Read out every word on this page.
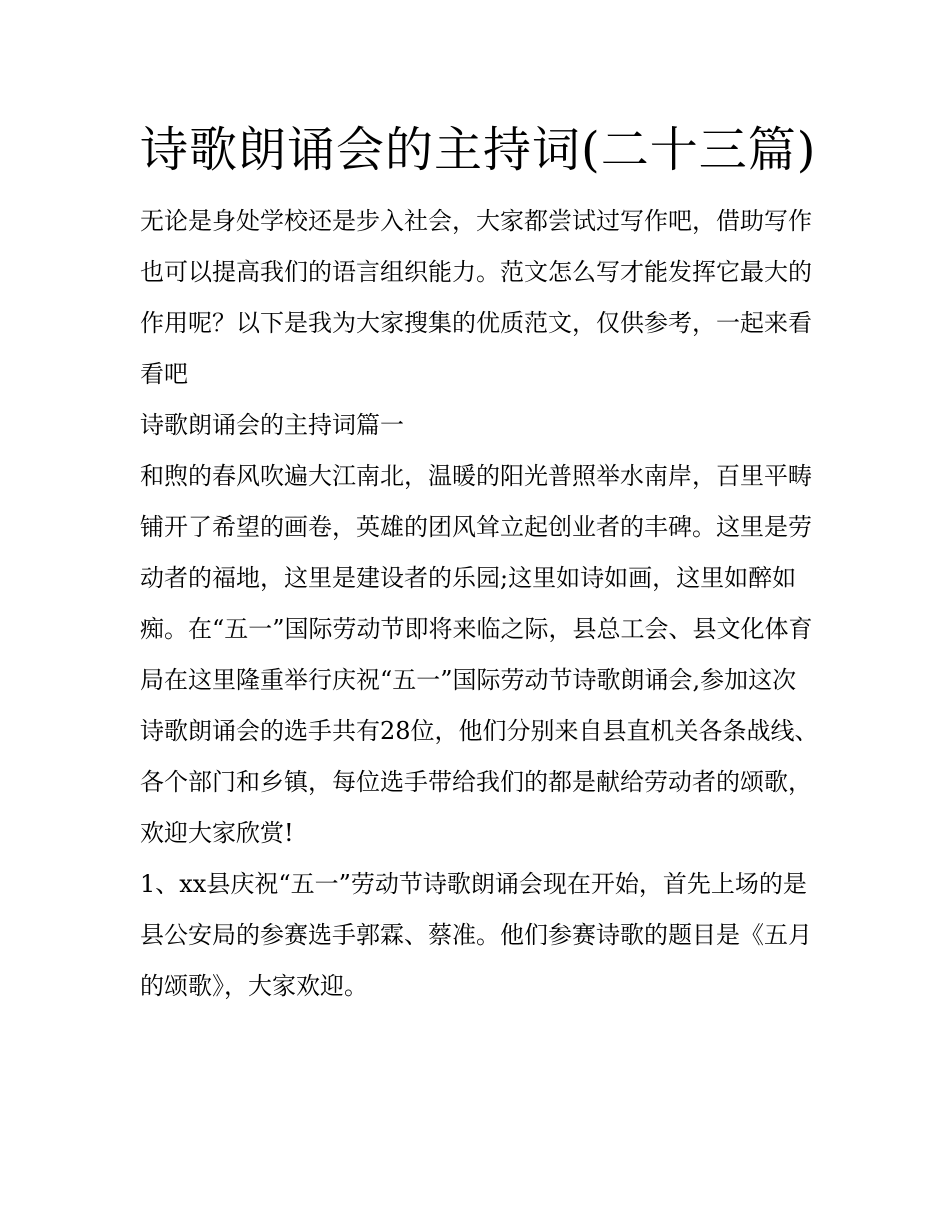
诗歌朗诵会的主持词(二十三篇)

无论是身处学校还是步入社会，大家都尝试过写作吧，借助写作也可以提高我们的语言组织能力。范文怎么写才能发挥它最大的作用呢？以下是我为大家搜集的优质范文，仅供参考，一起来看看吧

诗歌朗诵会的主持词篇一

和煦的春风吹遍大江南北，温暖的阳光普照举水南岸，百里平畴铺开了希望的画卷，英雄的团风耸立起创业者的丰碑。这里是劳动者的福地，这里是建设者的乐园;这里如诗如画，这里如醉如痴。在“五一”国际劳动节即将来临之际，县总工会、县文化体育局在这里隆重举行庆祝“五一”国际劳动节诗歌朗诵会,参加这次诗歌朗诵会的选手共有28位，他们分别来自县直机关各条战线、各个部门和乡镇，每位选手带给我们的都是献给劳动者的颂歌，欢迎大家欣赏!

1、xx县庆祝“五一”劳动节诗歌朗诵会现在开始，首先上场的是县公安局的参赛选手郭霖、蔡准。他们参赛诗歌的题目是《五月的颂歌》，大家欢迎。
